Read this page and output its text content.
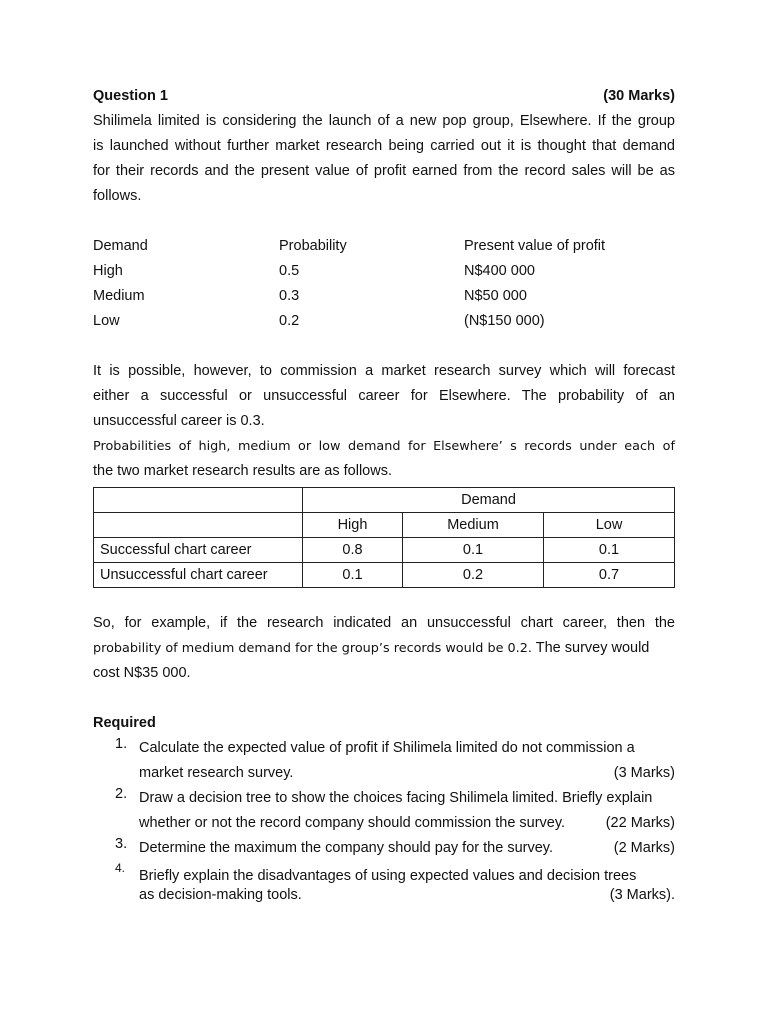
Question 1	(30 Marks)
Shilimela limited is considering the launch of a new pop group, Elsewhere. If the group
is launched without further market research being carried out it is thought that demand
for their records and the present value of profit earned from the record sales will be as
follows.
Demand	Probability	Present value of profit
High	0.5	N$400 000
Medium	0.3	N$50 000
Low	0.2	(N$150 000)
It is possible, however, to commission a market research survey which will forecast
either a successful or unsuccessful career for Elsewhere. The probability of an
unsuccessful career is 0.3.
Probabilities of high, medium or low demand for Elsewhere’ s records under each of
the two market research results are as follows.
	Demand		
	High	Medium	Low
Successful chart career	0.8	0.1	0.1
Unsuccessful chart career	0.1	0.2	0.7
So, for example, if the research indicated an unsuccessful chart career, then the
probability of medium demand for the group’s records would be 0.2. The survey would
cost N$35 000.
Required
1. Calculate the expected value of profit if Shilimela limited do not commission a
market research survey.	(3 Marks)
2. Draw a decision tree to show the choices facing Shilimela limited. Briefly explain
whether or not the record company should commission the survey.	(22 Marks)
3. Determine the maximum the company should pay for the survey.	(2 Marks)
4. Briefly explain the disadvantages of using expected values and decision trees
as decision-making tools.	(3 Marks).
